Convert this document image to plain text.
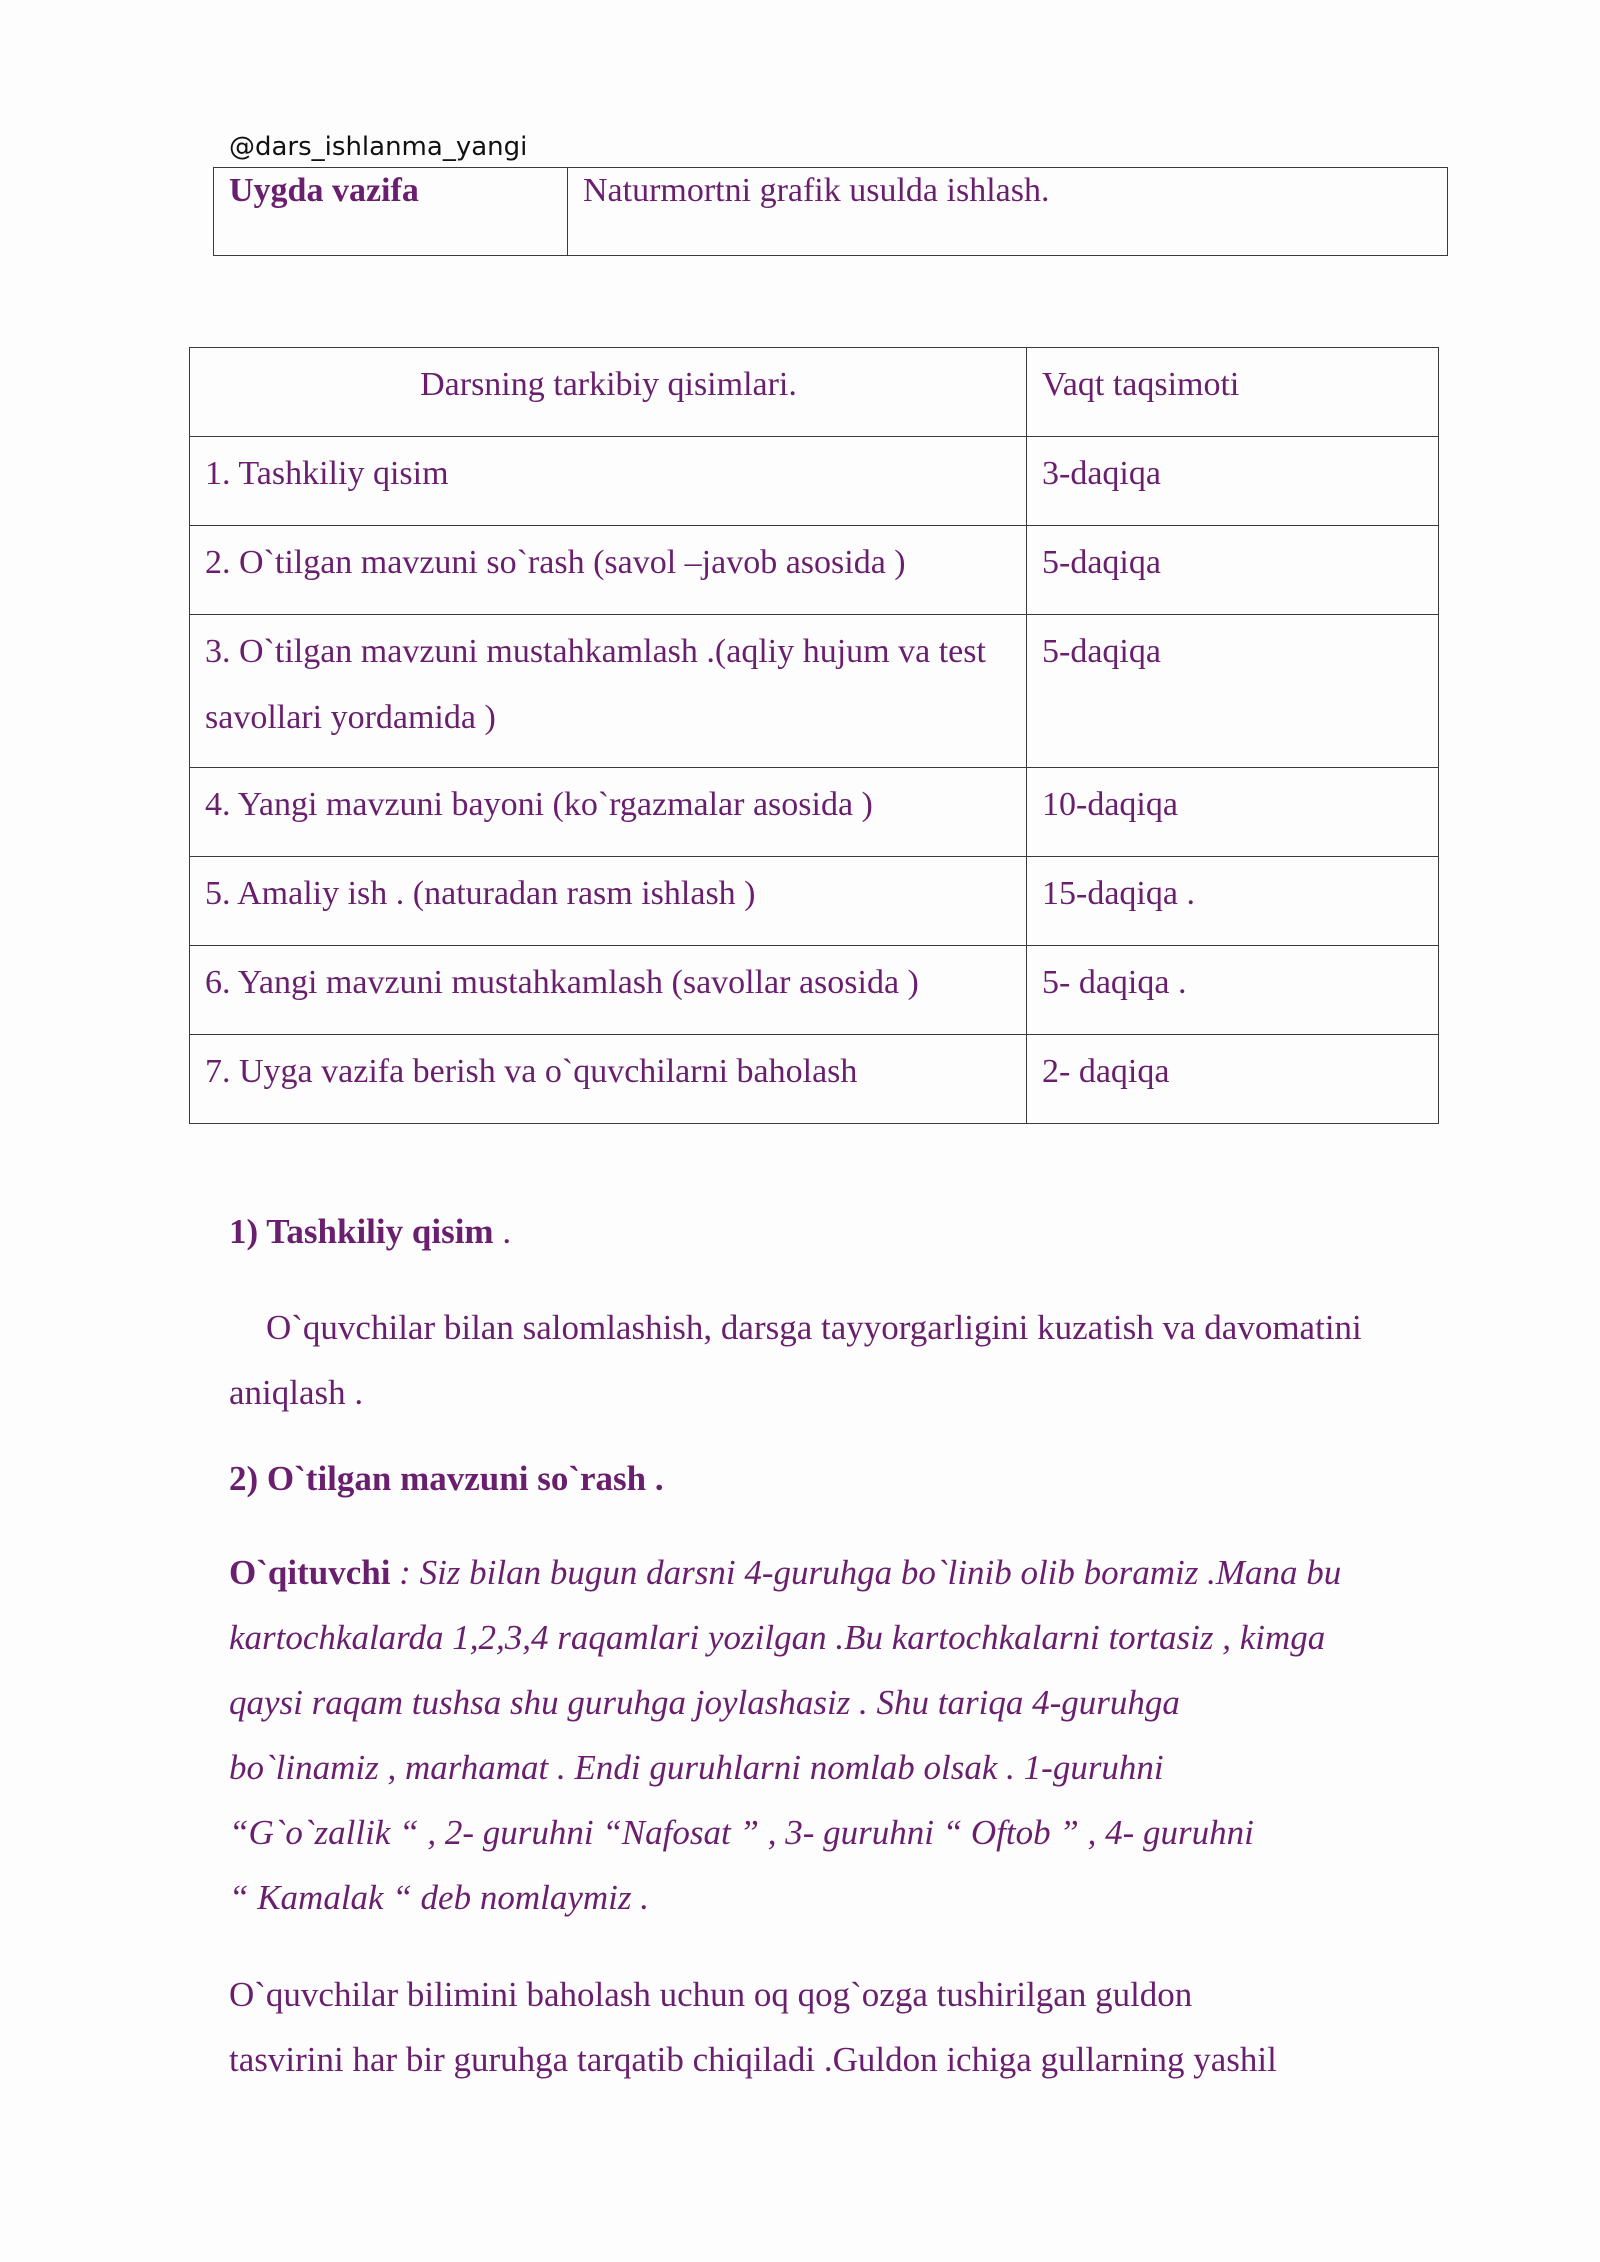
@dars_ishlanma_yangi
Uygda vazifa	Naturmortni grafik usulda ishlash.
Darsning tarkibiy qisimlari.	Vaqt taqsimoti
1. Tashkiliy qisim	3-daqiqa
2. O`tilgan mavzuni so`rash (savol –javob asosida )	5-daqiqa
3. O`tilgan mavzuni mustahkamlash .(aqliy hujum va test savollari yordamida )	5-daqiqa
4. Yangi mavzuni bayoni (ko`rgazmalar asosida )	10-daqiqa
5. Amaliy ish . (naturadan rasm ishlash )	15-daqiqa .
6. Yangi mavzuni mustahkamlash (savollar asosida )	5- daqiqa .
7. Uyga vazifa berish va o`quvchilarni baholash	2- daqiqa
1) Tashkiliy qisim .
O`quvchilar bilan salomlashish, darsga tayyorgarligini kuzatish va davomatini
aniqlash .
2) O`tilgan mavzuni so`rash .
O`qituvchi : Siz bilan bugun darsni 4-guruhga bo`linib olib boramiz .Mana bu
kartochkalarda 1,2,3,4 raqamlari yozilgan .Bu kartochkalarni tortasiz , kimga
qaysi raqam tushsa shu guruhga joylashasiz . Shu tariqa 4-guruhga
bo`linamiz , marhamat . Endi guruhlarni nomlab olsak . 1-guruhni
“G`o`zallik “ , 2- guruhni “Nafosat ” , 3- guruhni “ Oftob ” , 4- guruhni
“ Kamalak “ deb nomlaymiz .
O`quvchilar bilimini baholash uchun oq qog`ozga tushirilgan guldon
tasvirini har bir guruhga tarqatib chiqiladi .Guldon ichiga gullarning yashil
